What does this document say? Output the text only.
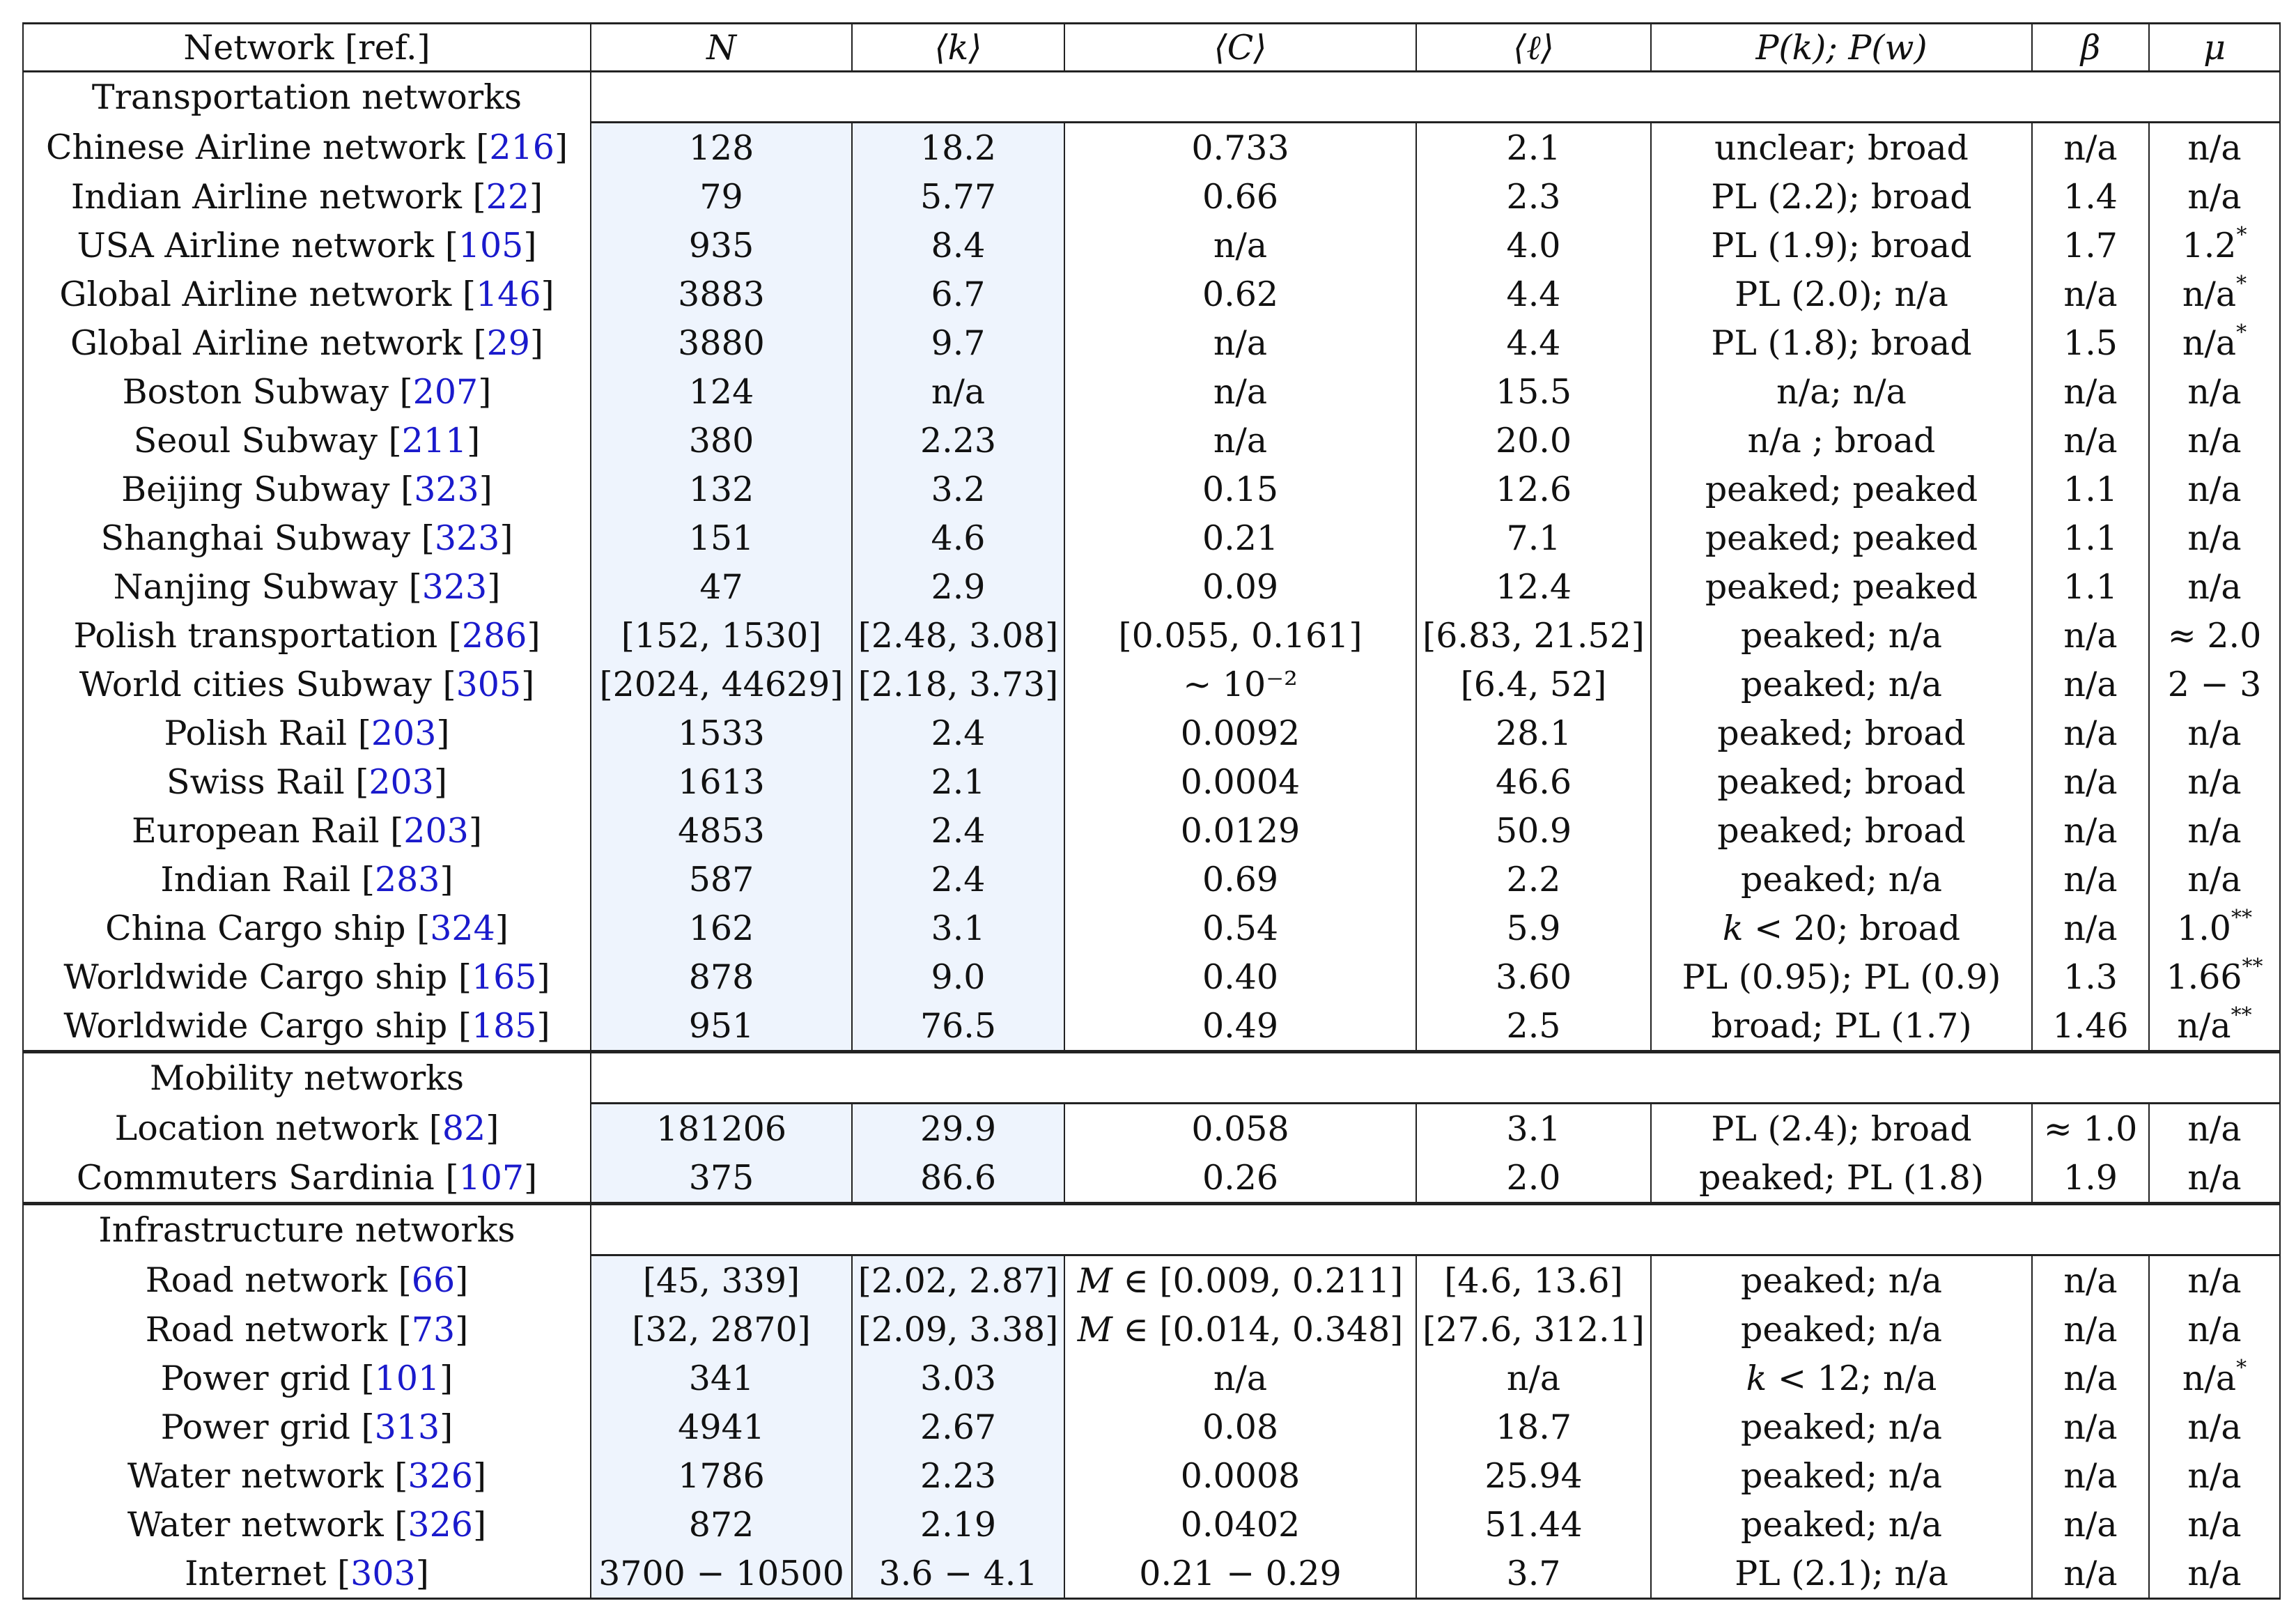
Network [ref.]	N	⟨k⟩	⟨C⟩	⟨ℓ⟩	P(k); P(w)	β	μ
Transportation networks							
Chinese Airline network [216]	128	18.2	0.733	2.1	unclear; broad	n/a	n/a
Indian Airline network [22]	79	5.77	0.66	2.3	PL (2.2); broad	1.4	n/a
USA Airline network [105]	935	8.4	n/a	4.0	PL (1.9); broad	1.7	1.2*
Global Airline network [146]	3883	6.7	0.62	4.4	PL (2.0); n/a	n/a	n/a*
Global Airline network [29]	3880	9.7	n/a	4.4	PL (1.8); broad	1.5	n/a*
Boston Subway [207]	124	n/a	n/a	15.5	n/a; n/a	n/a	n/a
Seoul Subway [211]	380	2.23	n/a	20.0	n/a ; broad	n/a	n/a
Beijing Subway [323]	132	3.2	0.15	12.6	peaked; peaked	1.1	n/a
Shanghai Subway [323]	151	4.6	0.21	7.1	peaked; peaked	1.1	n/a
Nanjing Subway [323]	47	2.9	0.09	12.4	peaked; peaked	1.1	n/a
Polish transportation [286]	[152, 1530]	[2.48, 3.08]	[0.055, 0.161]	[6.83, 21.52]	peaked; n/a	n/a	≈ 2.0
World cities Subway [305]	[2024, 44629]	[2.18, 3.73]	∼ 10⁻²	[6.4, 52]	peaked; n/a	n/a	2 − 3
Polish Rail [203]	1533	2.4	0.0092	28.1	peaked; broad	n/a	n/a
Swiss Rail [203]	1613	2.1	0.0004	46.6	peaked; broad	n/a	n/a
European Rail [203]	4853	2.4	0.0129	50.9	peaked; broad	n/a	n/a
Indian Rail [283]	587	2.4	0.69	2.2	peaked; n/a	n/a	n/a
China Cargo ship [324]	162	3.1	0.54	5.9	k < 20; broad	n/a	1.0**
Worldwide Cargo ship [165]	878	9.0	0.40	3.60	PL (0.95); PL (0.9)	1.3	1.66**
Worldwide Cargo ship [185]	951	76.5	0.49	2.5	broad; PL (1.7)	1.46	n/a**
Mobility networks							
Location network [82]	181206	29.9	0.058	3.1	PL (2.4); broad	≈ 1.0	n/a
Commuters Sardinia [107]	375	86.6	0.26	2.0	peaked; PL (1.8)	1.9	n/a
Infrastructure networks							
Road network [66]	[45, 339]	[2.02, 2.87]	M ∈ [0.009, 0.211]	[4.6, 13.6]	peaked; n/a	n/a	n/a
Road network [73]	[32, 2870]	[2.09, 3.38]	M ∈ [0.014, 0.348]	[27.6, 312.1]	peaked; n/a	n/a	n/a
Power grid [101]	341	3.03	n/a	n/a	k < 12; n/a	n/a	n/a*
Power grid [313]	4941	2.67	0.08	18.7	peaked; n/a	n/a	n/a
Water network [326]	1786	2.23	0.0008	25.94	peaked; n/a	n/a	n/a
Water network [326]	872	2.19	0.0402	51.44	peaked; n/a	n/a	n/a
Internet [303]	3700 − 10500	3.6 − 4.1	0.21 − 0.29	3.7	PL (2.1); n/a	n/a	n/a
